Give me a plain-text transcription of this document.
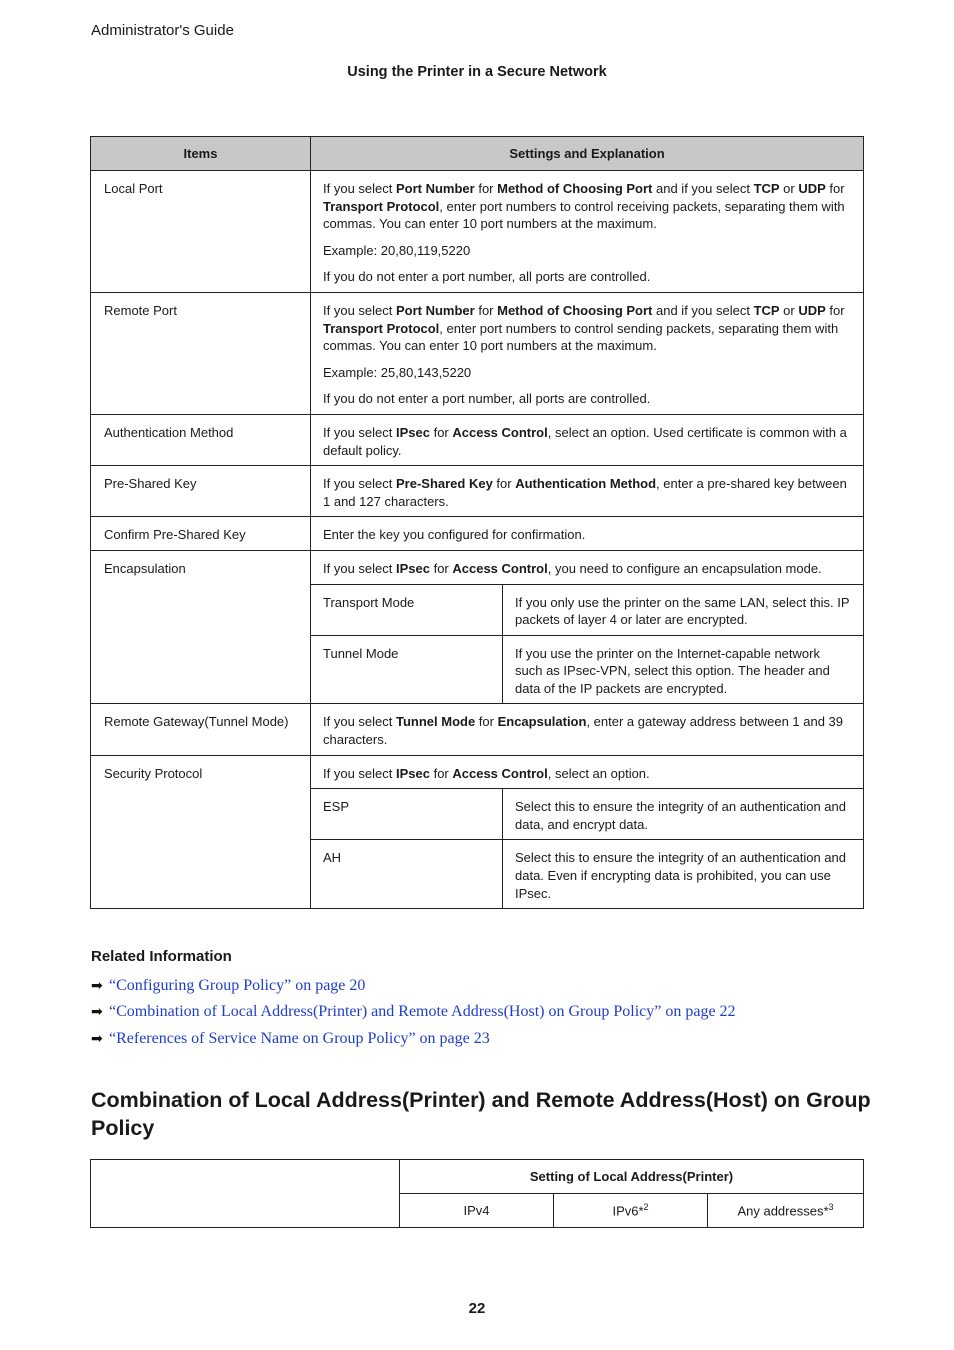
Administrator's Guide
Using the Printer in a Secure Network
Items	Settings and Explanation	
Local Port	If you select Port Number for Method of Choosing Port and if you select TCP or UDP for Transport Protocol, enter port numbers to control receiving packets, separating them with commas. You can enter 10 port numbers at the maximum.

Example: 20,80,119,5220

If you do not enter a port number, all ports are controlled.	

Remote Port	If you select Port Number for Method of Choosing Port and if you select TCP or UDP for Transport Protocol, enter port numbers to control sending packets, separating them with commas. You can enter 10 port numbers at the maximum.

Example: 25,80,143,5220

If you do not enter a port number, all ports are controlled.	

Authentication Method	If you select IPsec for Access Control, select an option. Used certificate is common with a default policy.	
Pre-Shared Key	If you select Pre-Shared Key for Authentication Method, enter a pre-shared key between 1 and 127 characters.	
Confirm Pre-Shared Key	Enter the key you configured for confirmation.	
Encapsulation	If you select IPsec for Access Control, you need to configure an encapsulation mode.	
	Transport Mode	If you only use the printer on the same LAN, select this. IP packets of layer 4 or later are encrypted.
	Tunnel Mode	If you use the printer on the Internet-capable network such as IPsec-VPN, select this option. The header and data of the IP packets are encrypted.
Remote Gateway(Tunnel Mode)	If you select Tunnel Mode for Encapsulation, enter a gateway address between 1 and 39 characters.	
Security Protocol	If you select IPsec for Access Control, select an option.	
	ESP	Select this to ensure the integrity of an authentication and data, and encrypt data.
	AH	Select this to ensure the integrity of an authentication and data. Even if encrypting data is prohibited, you can use IPsec.
Related Information
➡ “Configuring Group Policy” on page 20
➡ “Combination of Local Address(Printer) and Remote Address(Host) on Group Policy” on page 22
➡ “References of Service Name on Group Policy” on page 23
Combination of Local Address(Printer) and Remote Address(Host) on Group Policy
	Setting of Local Address(Printer)		
	IPv4	IPv6*$^2$	Any addresses*$^3$
22
